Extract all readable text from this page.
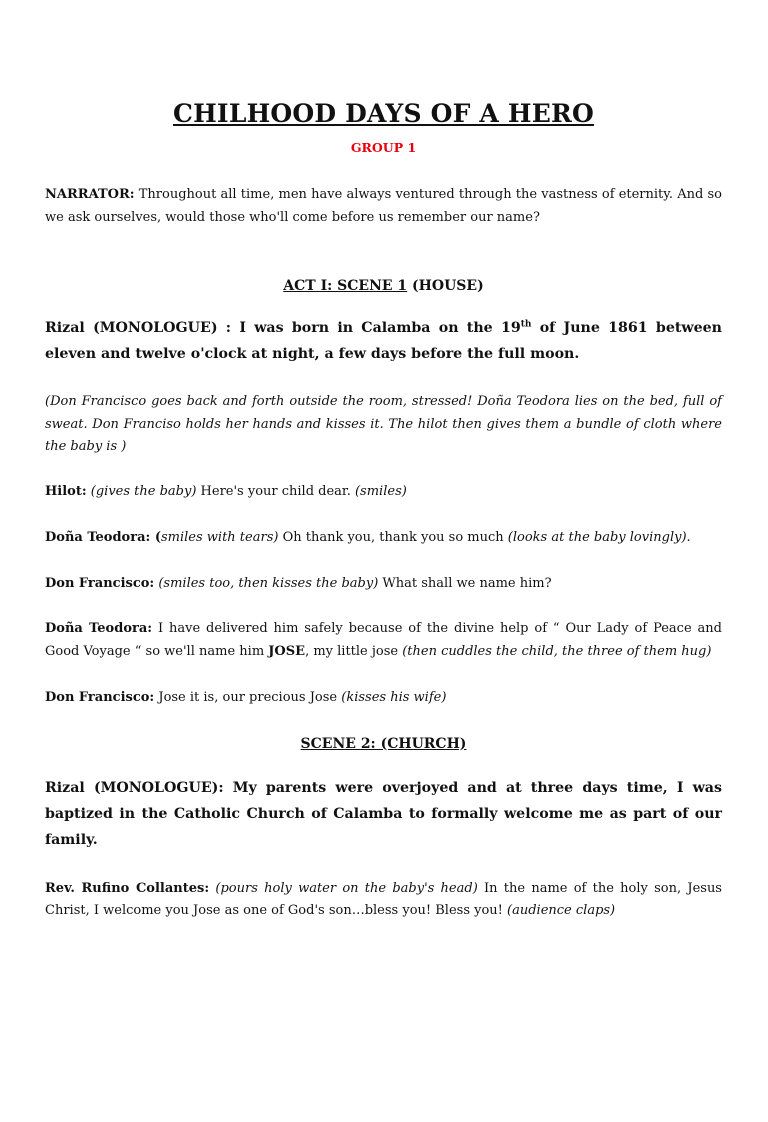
CHILHOOD DAYS OF A HERO
GROUP 1

NARRATOR: Throughout all time, men have always ventured through the vastness of eternity. And so we ask ourselves, would those who'll come before us remember our name?

ACT I: SCENE 1 (HOUSE)

Rizal (MONOLOGUE) : I was born in Calamba on the 19th of June 1861 between eleven and twelve o'clock at night, a few days before the full moon.

(Don Francisco goes back and forth outside the room, stressed! Doña Teodora lies on the bed, full of sweat. Don Franciso holds her hands and kisses it. The hilot then gives them a bundle of cloth where the baby is )

Hilot: (gives the baby) Here's your child dear. (smiles)

Doña Teodora: (smiles with tears) Oh thank you, thank you so much (looks at the baby lovingly).

Don Francisco: (smiles too, then kisses the baby) What shall we name him?

Doña Teodora: I have delivered him safely because of the divine help of “ Our Lady of Peace and Good Voyage “ so we'll name him JOSE, my little jose (then cuddles the child, the three of them hug)

Don Francisco: Jose it is, our precious Jose (kisses his wife)

SCENE 2: (CHURCH)

Rizal (MONOLOGUE): My parents were overjoyed and at three days time, I was baptized in the Catholic Church of Calamba to formally welcome me as part of our family.

Rev. Rufino Collantes: (pours holy water on the baby's head) In the name of the holy son, Jesus Christ, I welcome you Jose as one of God's son…bless you! Bless you! (audience claps)
